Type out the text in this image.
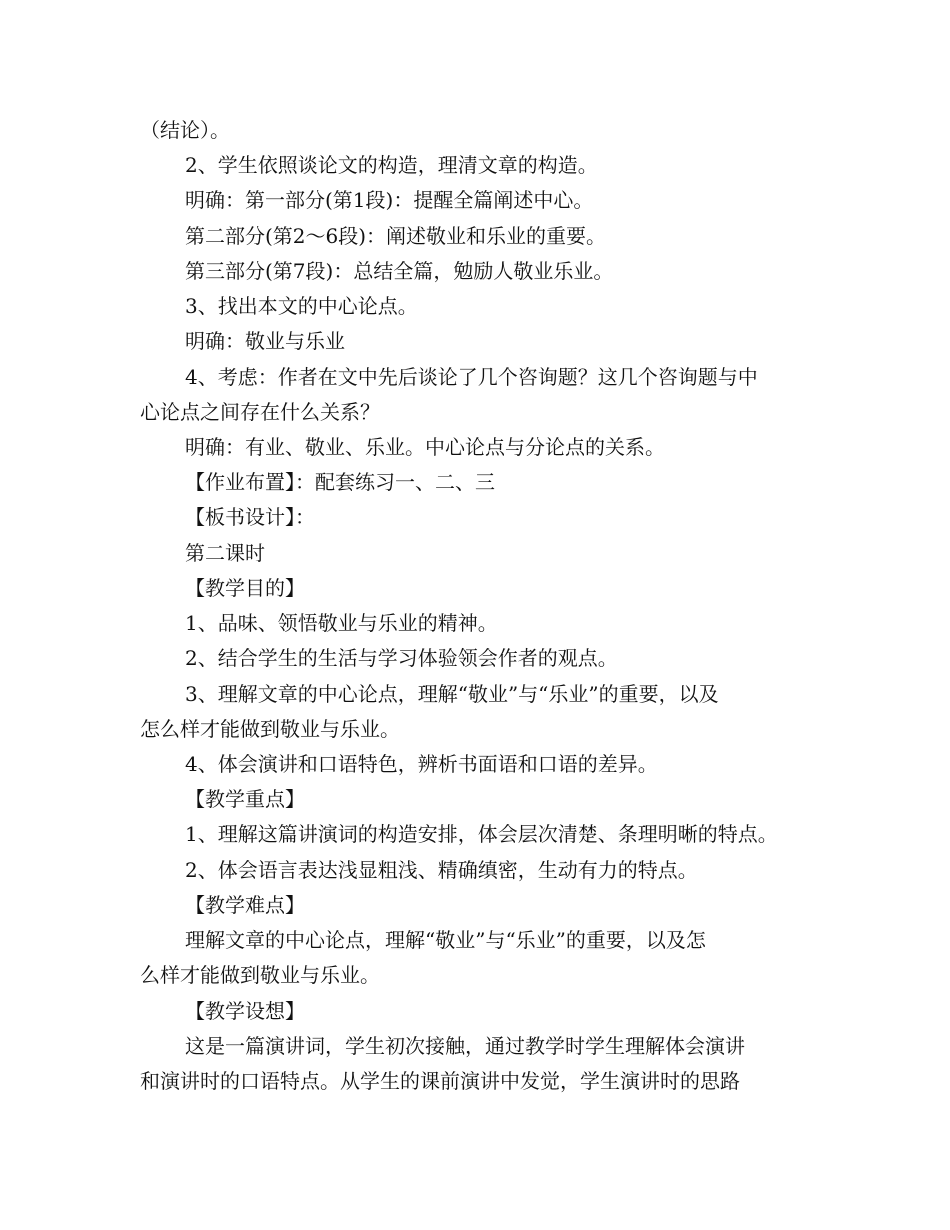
（结论）。
2、学生依照谈论文的构造，理清文章的构造。
明确：第一部分(第1段)：提醒全篇阐述中心。
第二部分(第2～6段)：阐述敬业和乐业的重要。
第三部分(第7段)：总结全篇，勉励人敬业乐业。
3、找出本文的中心论点。
明确：敬业与乐业
4、考虑：作者在文中先后谈论了几个咨询题？这几个咨询题与中
心论点之间存在什么关系？
明确：有业、敬业、乐业。中心论点与分论点的关系。
【作业布置】：配套练习一、二、三
【板书设计】：
第二课时
【教学目的】
1、品味、领悟敬业与乐业的精神。
2、结合学生的生活与学习体验领会作者的观点。
3、理解文章的中心论点，理解“敬业”与“乐业”的重要，以及
怎么样才能做到敬业与乐业。
4、体会演讲和口语特色，辨析书面语和口语的差异。
【教学重点】
1、理解这篇讲演词的构造安排，体会层次清楚、条理明晰的特点。
2、体会语言表达浅显粗浅、精确缜密，生动有力的特点。
【教学难点】
理解文章的中心论点，理解“敬业”与“乐业”的重要，以及怎
么样才能做到敬业与乐业。
【教学设想】
这是一篇演讲词，学生初次接触，通过教学时学生理解体会演讲
和演讲时的口语特点。从学生的课前演讲中发觉，学生演讲时的思路
